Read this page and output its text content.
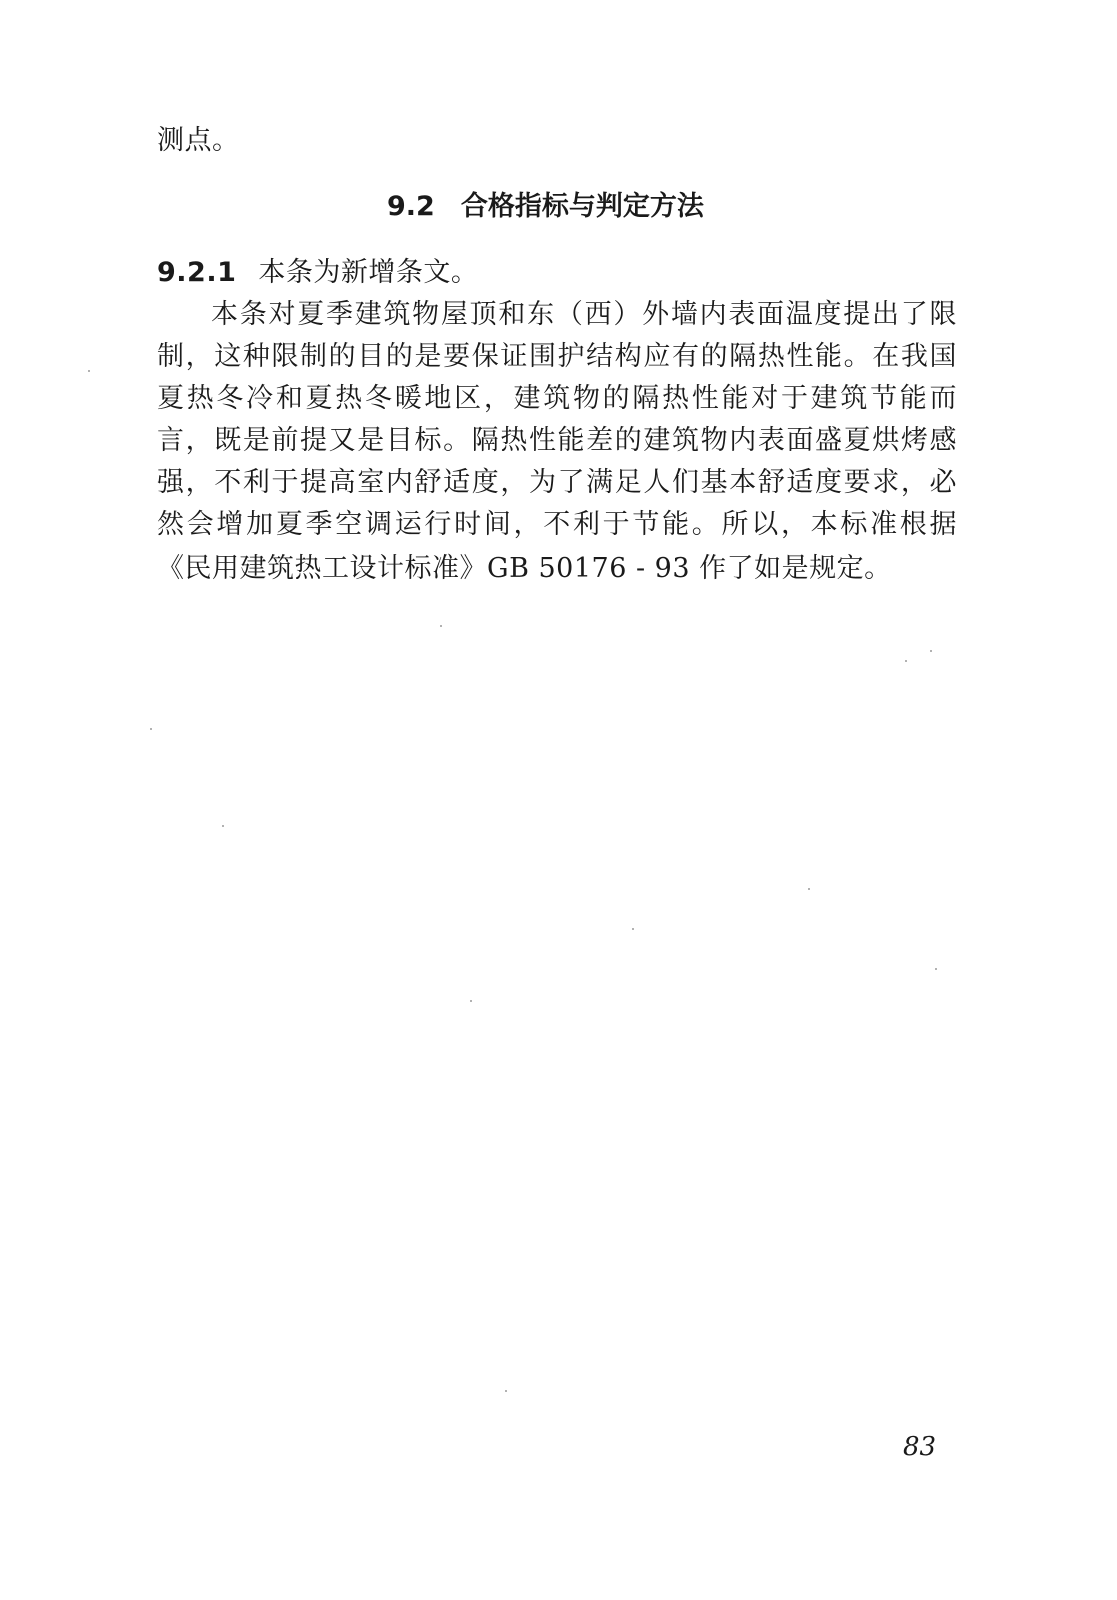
测点。
9.2 合格指标与判定方法
9.2.1 本条为新增条文。
本条对夏季建筑物屋顶和东（西）外墙内表面温度提出了限
制，这种限制的目的是要保证围护结构应有的隔热性能。在我国
夏热冬冷和夏热冬暖地区，建筑物的隔热性能对于建筑节能而
言，既是前提又是目标。隔热性能差的建筑物内表面盛夏烘烤感
强，不利于提高室内舒适度，为了满足人们基本舒适度要求，必
然会增加夏季空调运行时间，不利于节能。所以，本标准根据
《民用建筑热工设计标准》GB 50176 - 93 作了如是规定。
83
